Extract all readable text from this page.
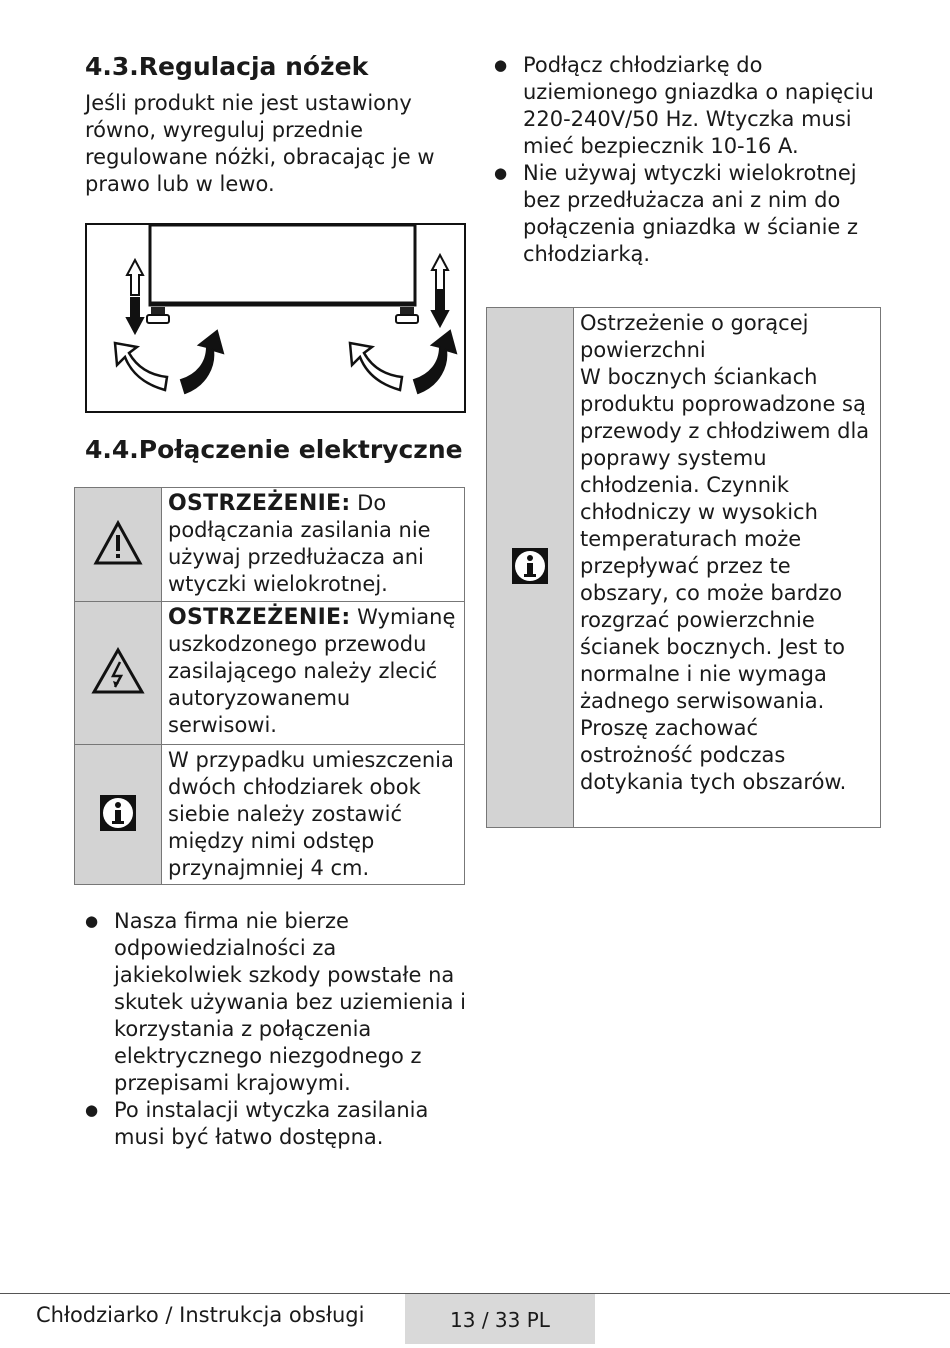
4.3.Regulacja nóżek

Jeśli produkt nie jest ustawiony równo, wyreguluj przednie regulowane nóżki, obracając je w prawo lub w lewo.

4.4.Połączenie elektryczne
	OSTRZEŻENIE: Do podłączania zasilania nie używaj przedłużacza ani wtyczki wielokrotnej.
	OSTRZEŻENIE: Wymianę uszkodzonego przewodu zasilającego należy zlecić autoryzowanemu serwisowi.
	W przypadku umieszczenia dwóch chłodziarek obok siebie należy zostawić między nimi odstęp przynajmniej 4 cm.
● Nasza firma nie bierze odpowiedzialności za jakiekolwiek szkody powstałe na skutek używania bez uziemienia i korzystania z połączenia elektrycznego niezgodnego z przepisami krajowymi.
● Po instalacji wtyczka zasilania musi być łatwo dostępna.
● Podłącz chłodziarkę do uziemionego gniazdka o napięciu 220-240V/50 Hz. Wtyczka musi mieć bezpiecznik 10-16 A.
● Nie używaj wtyczki wielokrotnej bez przedłużacza ani z nim do połączenia gniazdka w ścianie z chłodziarką.

Ostrzeżenie o gorącej powierzchni
W bocznych ściankach produktu poprowadzone są przewody z chłodziwem dla poprawy systemu chłodzenia. Czynnik chłodniczy w wysokich temperaturach może przepływać przez te obszary, co może bardzo rozgrzać powierzchnie ścianek bocznych. Jest to normalne i nie wymaga żadnego serwisowania. Proszę zachować ostrożność podczas dotykania tych obszarów.
Chłodziarko / Instrukcja obsługi	13 / 33 PL
